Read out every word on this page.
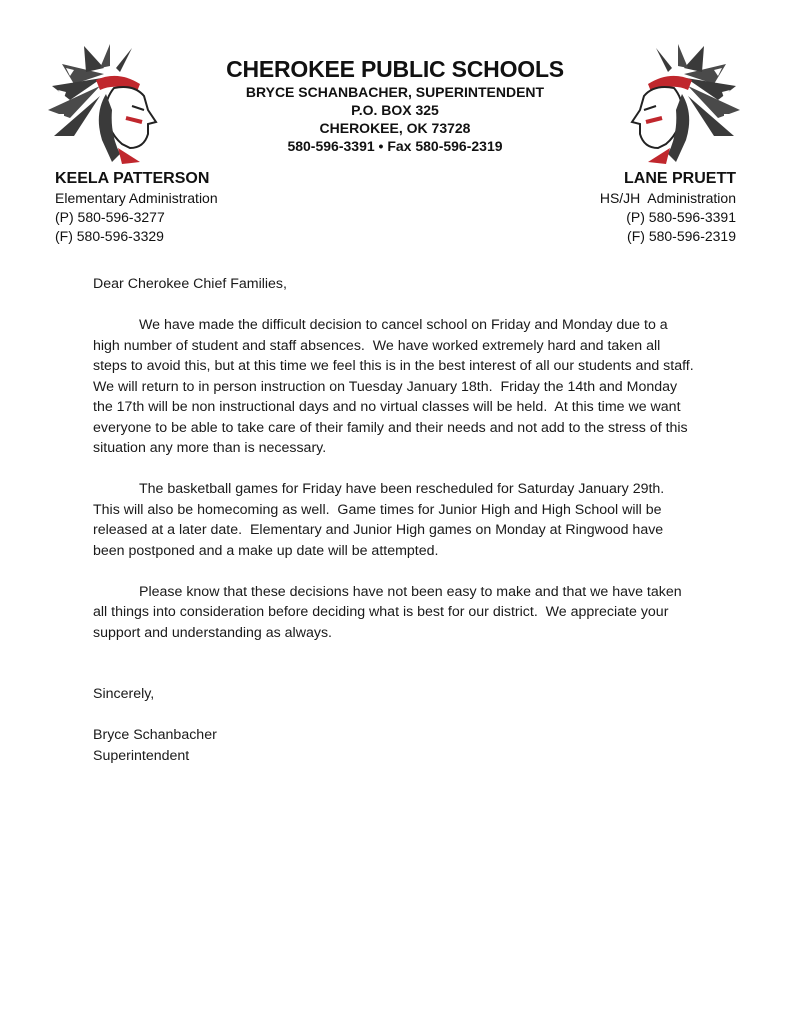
CHEROKEE PUBLIC SCHOOLS
BRYCE SCHANBACHER, SUPERINTENDENT
P.O. BOX 325
CHEROKEE, OK 73728
580-596-3391 • Fax 580-596-2319
KEELA PATTERSON
Elementary Administration
(P) 580-596-3277
(F) 580-596-3329
LANE PRUETT
HS/JH  Administration
(P) 580-596-3391
(F) 580-596-2319

Dear Cherokee Chief Families,

We have made the difficult decision to cancel school on Friday and Monday due to a high number of student and staff absences.  We have worked extremely hard and taken all steps to avoid this, but at this time we feel this is in the best interest of all our students and staff.  We will return to in person instruction on Tuesday January 18th.  Friday the 14th and Monday the 17th will be non instructional days and no virtual classes will be held.  At this time we want everyone to be able to take care of their family and their needs and not add to the stress of this situation any more than is necessary.

The basketball games for Friday have been rescheduled for Saturday January 29th.  This will also be homecoming as well.  Game times for Junior High and High School will be released at a later date.  Elementary and Junior High games on Monday at Ringwood have been postponed and a make up date will be attempted.

Please know that these decisions have not been easy to make and that we have taken all things into consideration before deciding what is best for our district.  We appreciate your support and understanding as always.

Sincerely,

Bryce Schanbacher

Superintendent
